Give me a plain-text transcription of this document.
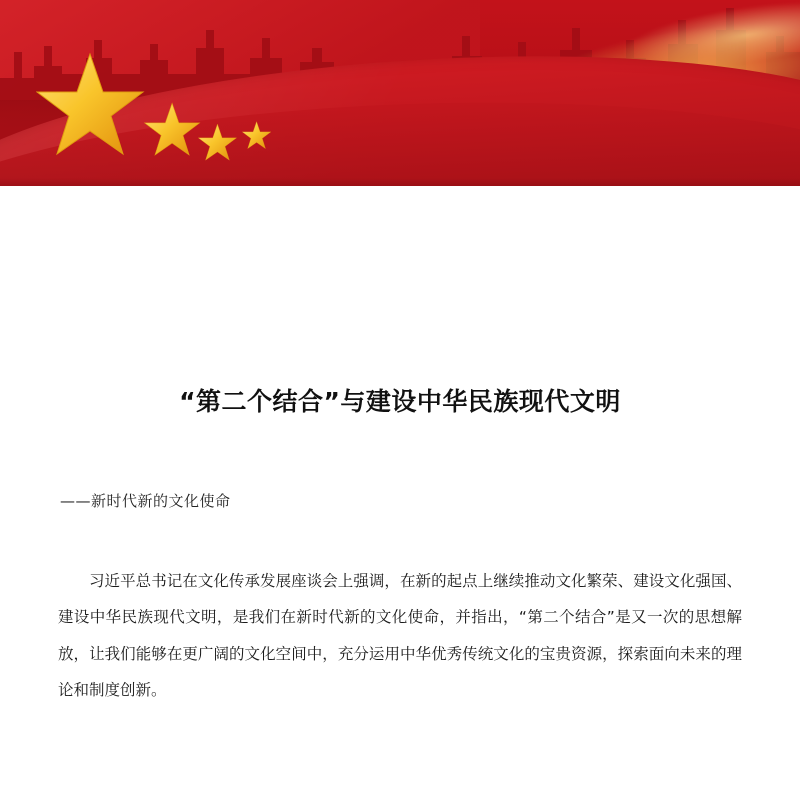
“第二个结合”与建设中华民族现代文明
——新时代新的文化使命

习近平总书记在文化传承发展座谈会上强调，在新的起点上继续推动文化繁荣、建设文化强国、建设中华民族现代文明，是我们在新时代新的文化使命，并指出，“第二个结合”是又一次的思想解放，让我们能够在更广阔的文化空间中，充分运用中华优秀传统文化的宝贵资源，探索面向未来的理论和制度创新。
